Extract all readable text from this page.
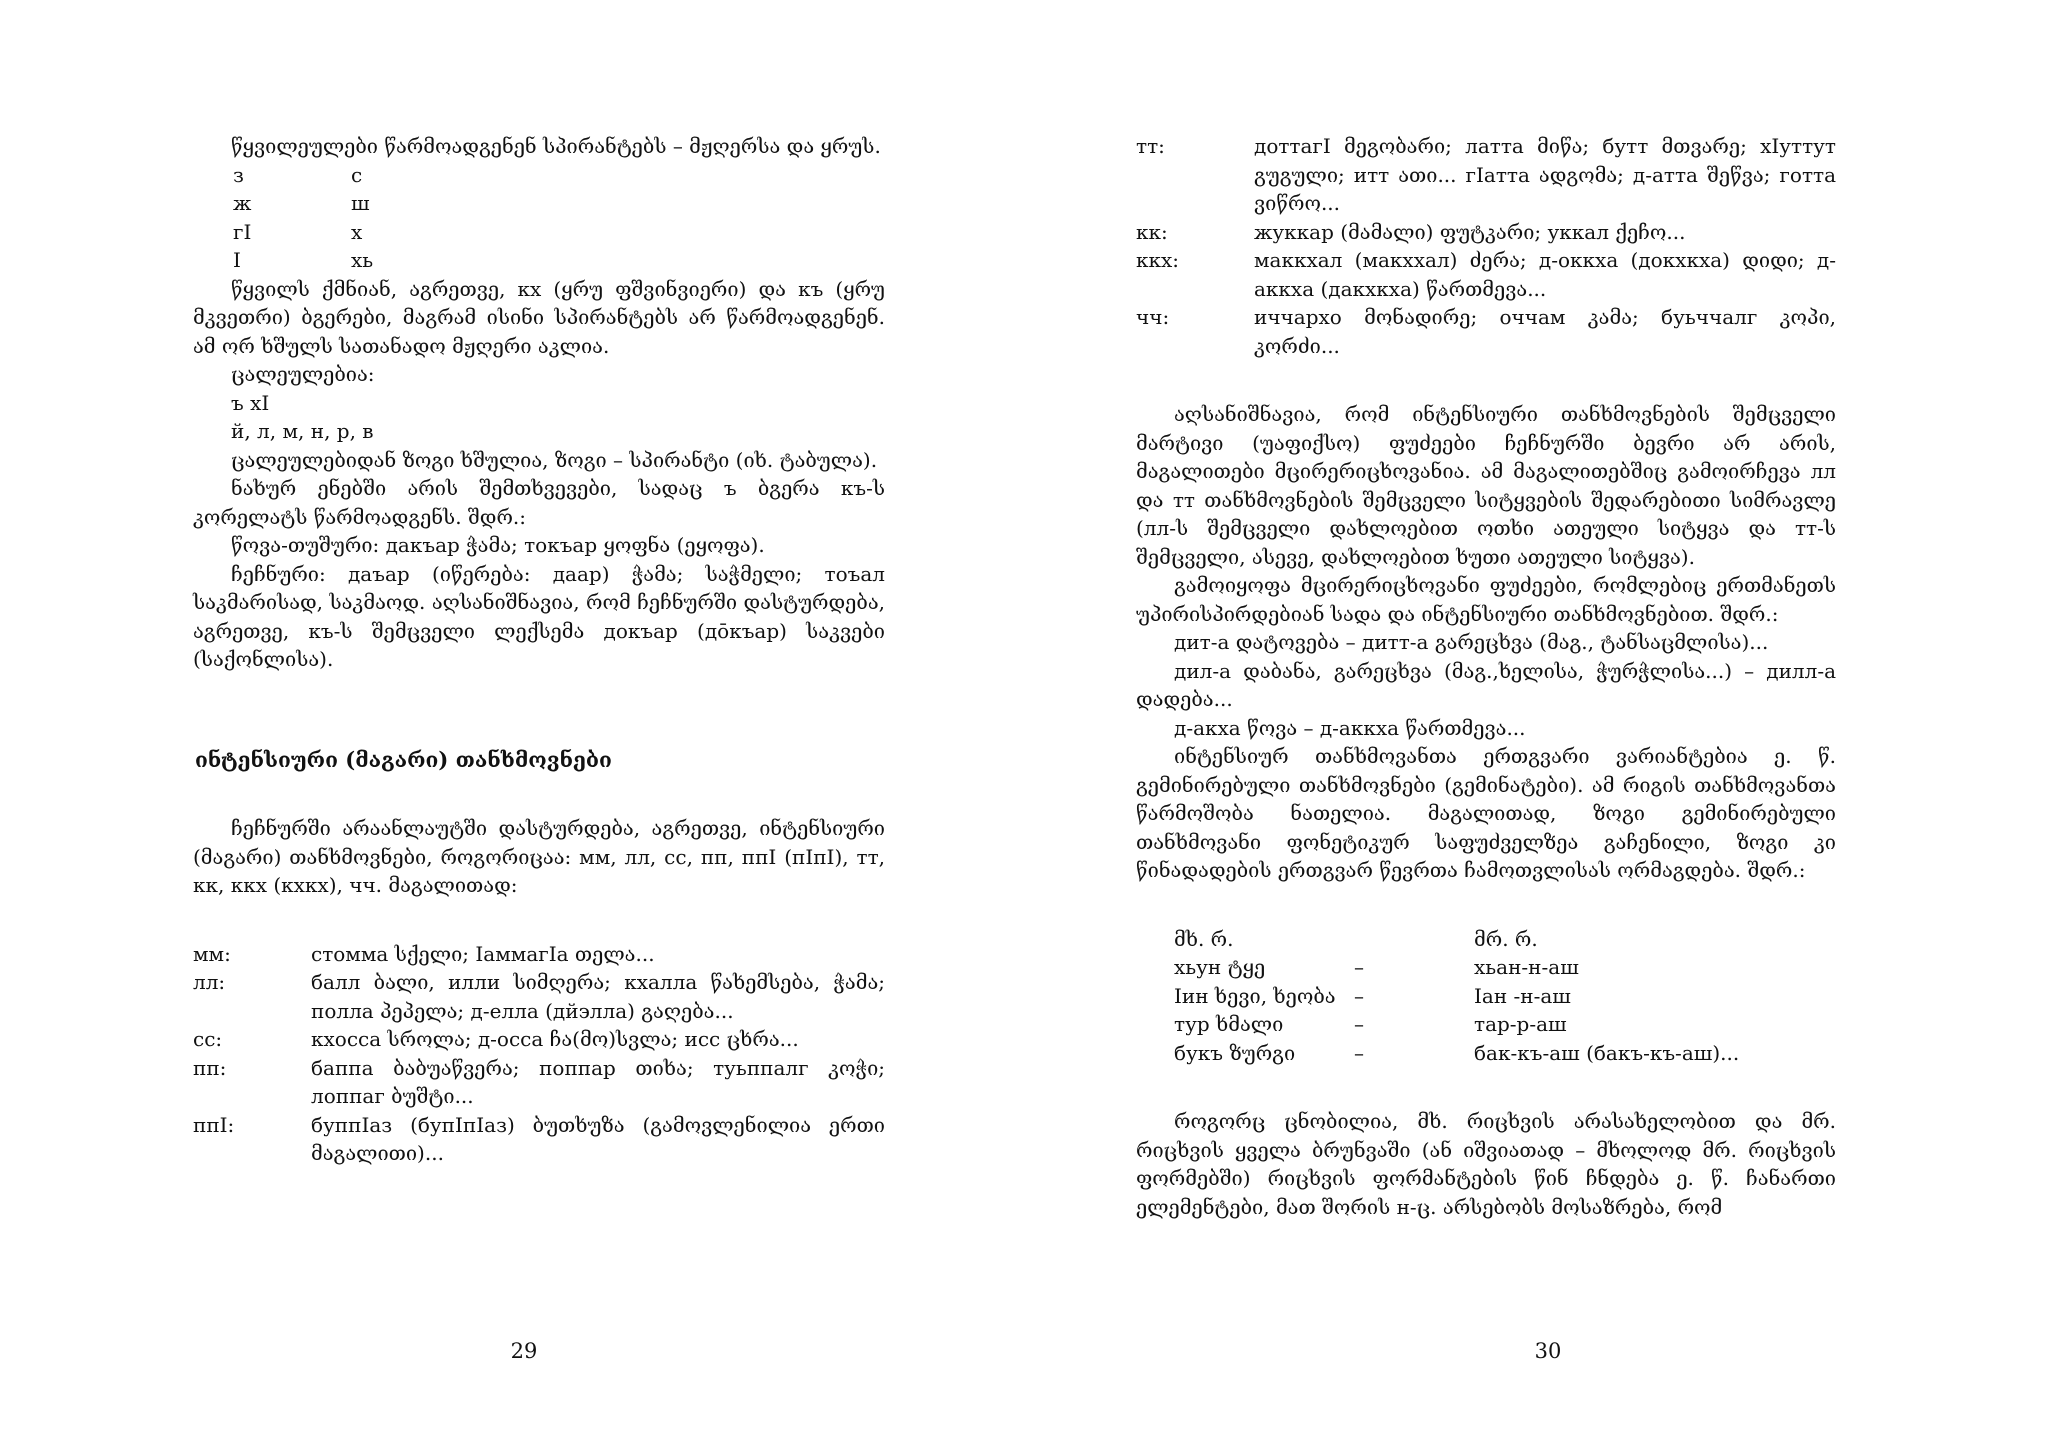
წყვილეულები წარმოადგენენ სპირანტებს – მჟღერსა და ყრუს.

з	с
ж	ш
гI	х
I	хь

წყვილს ქმნიან, აგრეთვე, кх (ყრუ ფშვინვიერი) და къ (ყრუ მკვეთრი) ბგერები, მაგრამ ისინი სპირანტებს არ წარმოადგენენ. ამ ორ ხშულს სათანადო მჟღერი აკლია.

ცალეულებია:

ъ хI

й, л, м, н, р, в

ცალეულებიდან ზოგი ხშულია, ზოგი – სპირანტი (იხ. ტაბულა).

ნახურ ენებში არის შემთხვევები, სადაც ъ ბგერა къ-ს კორელატს წარმოადგენს. შდრ.:

წოვა-თუშური: дакъар ჭამა; токъар ყოფნა (ეყოფა).

ჩეჩნური: даъар (იწერება: даар) ჭამა; საჭმელი; тоъал საკმარისად, საკმაოდ. აღსანიშნავია, რომ ჩეჩნურში დასტურდება, აგრეთვე, къ-ს შემცველი ლექსემა докъар (дōкъар) საკვები (საქონლისა).

ინტენსიური (მაგარი) თანხმოვნები

ჩეჩნურში არაანლაუტში დასტურდება, აგრეთვე, ინტენსიური (მაგარი) თანხმოვნები, როგორიცაა: мм, лл, сс, пп, ппI (пIпI), тт, кк, ккх (кхкх), чч. მაგალითად:

мм:	стомма სქელი; IаммагIа თელა...
лл:	балл ბალი, илли სიმღერა; кхалла წახემსება, ჭამა; полла პეპელა; д-елла (дйэлла) გაღება...
сс:	кхосса სროლა; д-осса ჩა(მო)სვლა; исс ცხრა...
пп:	баппа ბაბუაწვერა; поппар თიხა; туьппалг კოჭი; лоппаг ბუშტი...
ппI:	буппIаз (бупIпIаз) ბუთხუზა (გამოვლენილია ერთი მაგალითი)...
29
тт:	доттагI მეგობარი; латта მიწა; бутт მთვარე; хIуттут გუგული; итт ათი... гIатта ადგომა; д-атта შეწვა; готта ვიწრო...
кк:	жуккар (მამალი) ფუტკარი; уккал ქეჩო...
ккх:	маккхал (макххал) ძერა; д-оккха (докхкха) დიდი; д-аккха (дакхкха) წართმევა...
чч:	иччархо მონადირე; оччам კამა; буьччалг კოპი, კორძი...

აღსანიშნავია, რომ ინტენსიური თანხმოვნების შემცველი მარტივი (უაფიქსო) ფუძეები ჩეჩნურში ბევრი არ არის, მაგალითები მცირერიცხოვანია. ამ მაგალითებშიც გამოირჩევა лл და тт თანხმოვნების შემცველი სიტყვების შედარებითი სიმრავლე (лл-ს შემცველი დახლოებით ოთხი ათეული სიტყვა და тт-ს შემცველი, ასევე, დახლოებით ხუთი ათეული სიტყვა).

გამოიყოფა მცირერიცხოვანი ფუძეები, რომლებიც ერთმანეთს უპირისპირდებიან სადა და ინტენსიური თანხმოვნებით. შდრ.:

дит-а დატოვება – дитт-а გარეცხვა (მაგ., ტანსაცმლისა)...

дил-а დაბანა, გარეცხვა (მაგ.,ხელისა, ჭურჭლისა...) – дилл-а დადება...

д-акха წოვა – д-аккха წართმევა...

ინტენსიურ თანხმოვანთა ერთგვარი ვარიანტებია ე. წ. გემინირებული თანხმოვნები (გემინატები). ამ რიგის თანხმოვანთა წარმოშობა ნათელია. მაგალითად, ზოგი გემინირებული თანხმოვანი ფონეტიკურ საფუძველზეა გაჩენილი, ზოგი კი წინადადების ერთგვარ წევრთა ჩამოთვლისას ორმაგდება. შდრ.:

მხ. რ.	მრ. რ.
хьун ტყე	–	хьан-н-аш
Iин ხევი, ხეობა –	Iан -н-аш
тур ხმალი	–	тар-р-аш
букъ ზურგი	–	бак-къ-аш (бакъ-къ-аш)...

როგორც ცნობილია, მხ. რიცხვის არასახელობით და მრ. რიცხვის ყველა ბრუნვაში (ან იშვიათად – მხოლოდ მრ. რიცხვის ფორმებში) რიცხვის ფორმანტების წინ ჩნდება ე. წ. ჩანართი ელემენტები, მათ შორის н-ც. არსებობს მოსაზრება, რომ

30
